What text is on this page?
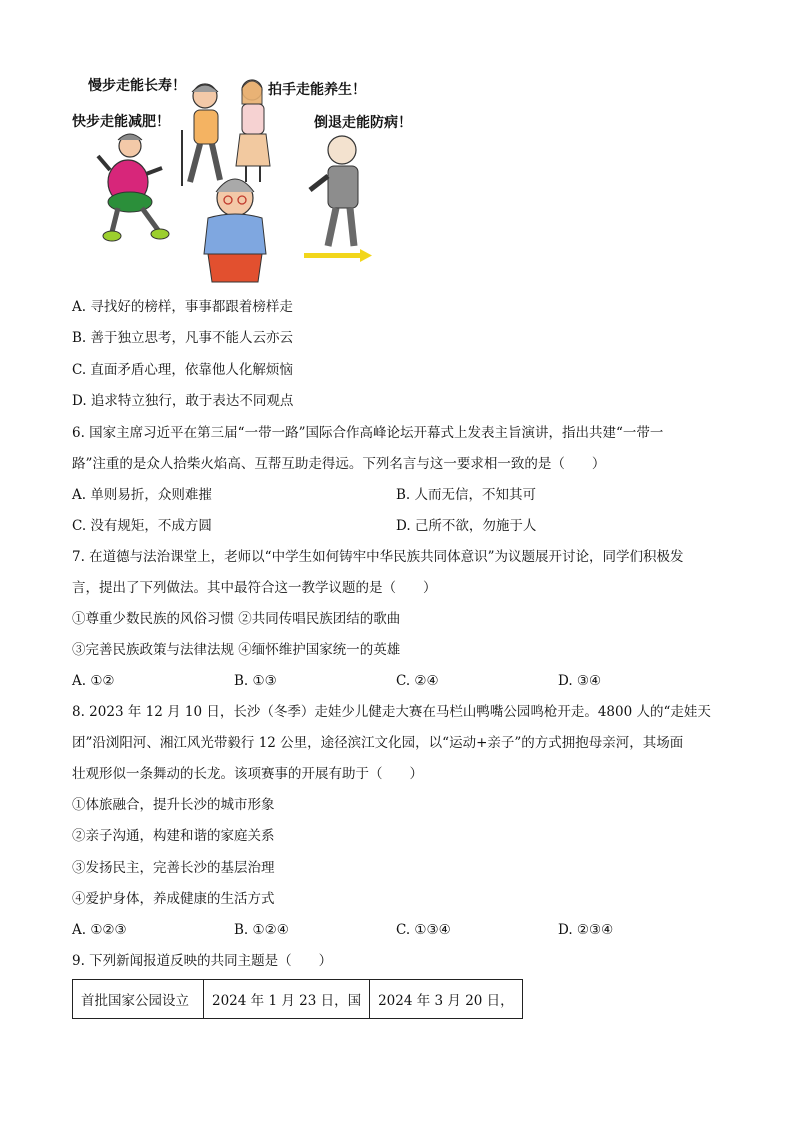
慢步走能长寿！	拍手走能养生！
快步走能减肥！	倒退走能防病！
A. 寻找好的榜样，事事都跟着榜样走
B. 善于独立思考，凡事不能人云亦云
C. 直面矛盾心理，依靠他人化解烦恼
D. 追求特立独行，敢于表达不同观点
6. 国家主席习近平在第三届“一带一路”国际合作高峰论坛开幕式上发表主旨演讲，指出共建“一带一
路”注重的是众人拾柴火焰高、互帮互助走得远。下列名言与这一要求相一致的是（　　）
A. 单则易折，众则难摧	B. 人而无信，不知其可
C. 没有规矩，不成方圆	D. 己所不欲，勿施于人
7. 在道德与法治课堂上，老师以“中学生如何铸牢中华民族共同体意识”为议题展开讨论，同学们积极发
言，提出了下列做法。其中最符合这一教学议题的是（　　）
①尊重少数民族的风俗习惯 ②共同传唱民族团结的歌曲
③完善民族政策与法律法规 ④缅怀维护国家统一的英雄
A. ①②	B. ①③	C. ②④	D. ③④
8. 2023 年 12 月 10 日，长沙（冬季）走娃少儿健走大赛在马栏山鸭嘴公园鸣枪开走。4800 人的“走娃天
团”沿浏阳河、湘江风光带毅行 12 公里，途径滨江文化园，以“运动+亲子”的方式拥抱母亲河，其场面
壮观形似一条舞动的长龙。该项赛事的开展有助于（　　）
①体旅融合，提升长沙的城市形象
②亲子沟通，构建和谐的家庭关系
③发扬民主，完善长沙的基层治理
④爱护身体，养成健康的生活方式
A. ①②③	B. ①②④	C. ①③④	D. ②③④
9. 下列新闻报道反映的共同主题是（　　）
首批国家公园设立	2024 年 1 月 23 日，国	2024 年 3 月 20 日，
